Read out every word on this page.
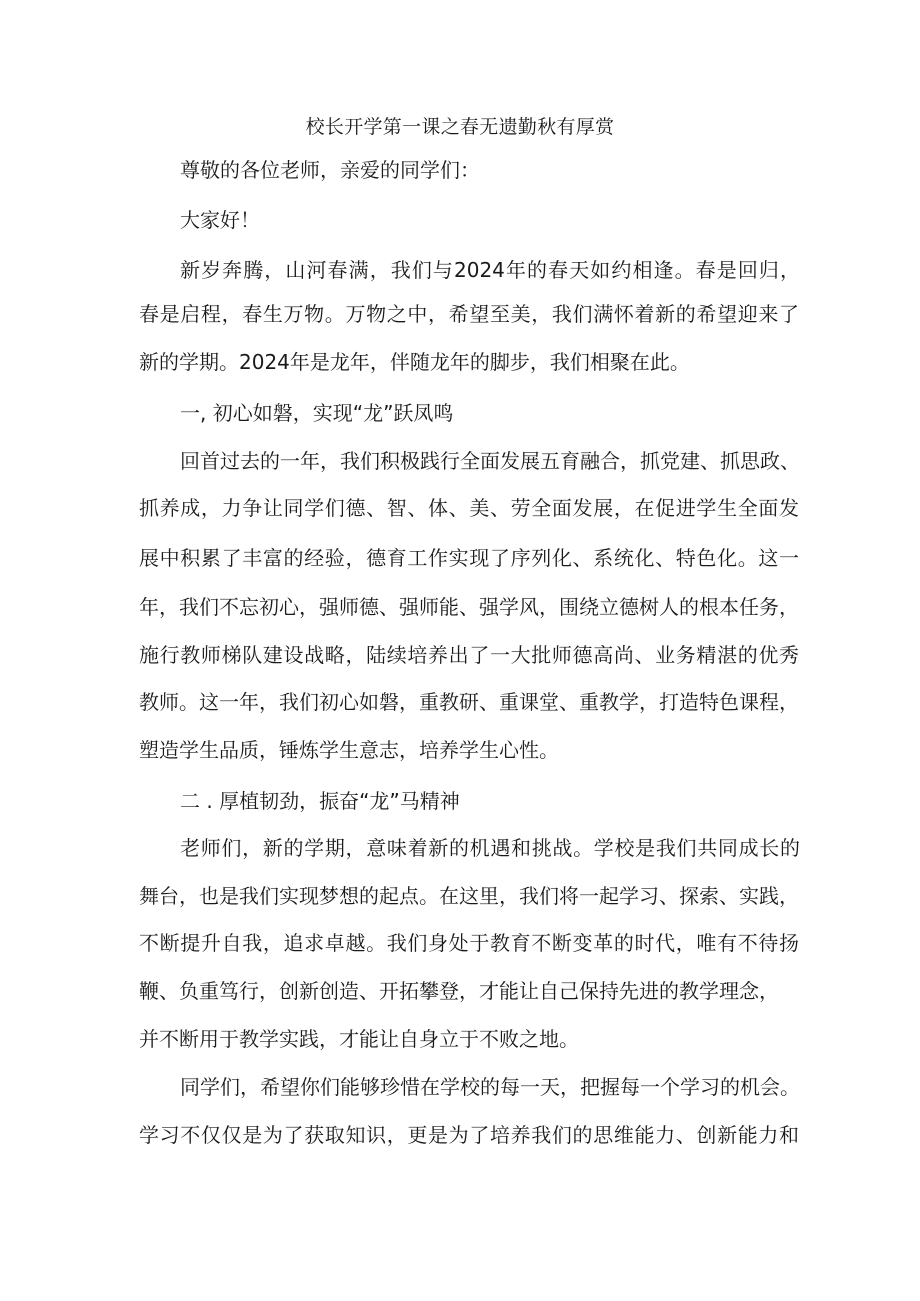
校长开学第一课之春无遗勤秋有厚赏
尊敬的各位老师，亲爱的同学们：
大家好！
新岁奔腾，山河春满，我们与2024年的春天如约相逢。春是回归，
春是启程，春生万物。万物之中，希望至美，我们满怀着新的希望迎来了
新的学期。2024年是龙年，伴随龙年的脚步，我们相聚在此。
一, 初心如磐，实现“龙”跃凤鸣
回首过去的一年，我们积极践行全面发展五育融合，抓党建、抓思政、
抓养成，力争让同学们德、智、体、美、劳全面发展，在促进学生全面发
展中积累了丰富的经验，德育工作实现了序列化、系统化、特色化。这一
年，我们不忘初心，强师德、强师能、强学风，围绕立德树人的根本任务，
施行教师梯队建设战略，陆续培养出了一大批师德高尚、业务精湛的优秀
教师。这一年，我们初心如磐，重教研、重课堂、重教学，打造特色课程，
塑造学生品质，锤炼学生意志，培养学生心性。
二 . 厚植韧劲，振奋“龙”马精神
老师们，新的学期，意味着新的机遇和挑战。学校是我们共同成长的
舞台，也是我们实现梦想的起点。在这里，我们将一起学习、探索、实践，
不断提升自我，追求卓越。我们身处于教育不断变革的时代，唯有不待扬
鞭、负重笃行，创新创造、开拓攀登，才能让自己保持先进的教学理念，
并不断用于教学实践，才能让自身立于不败之地。
同学们，希望你们能够珍惜在学校的每一天，把握每一个学习的机会。
学习不仅仅是为了获取知识，更是为了培养我们的思维能力、创新能力和
